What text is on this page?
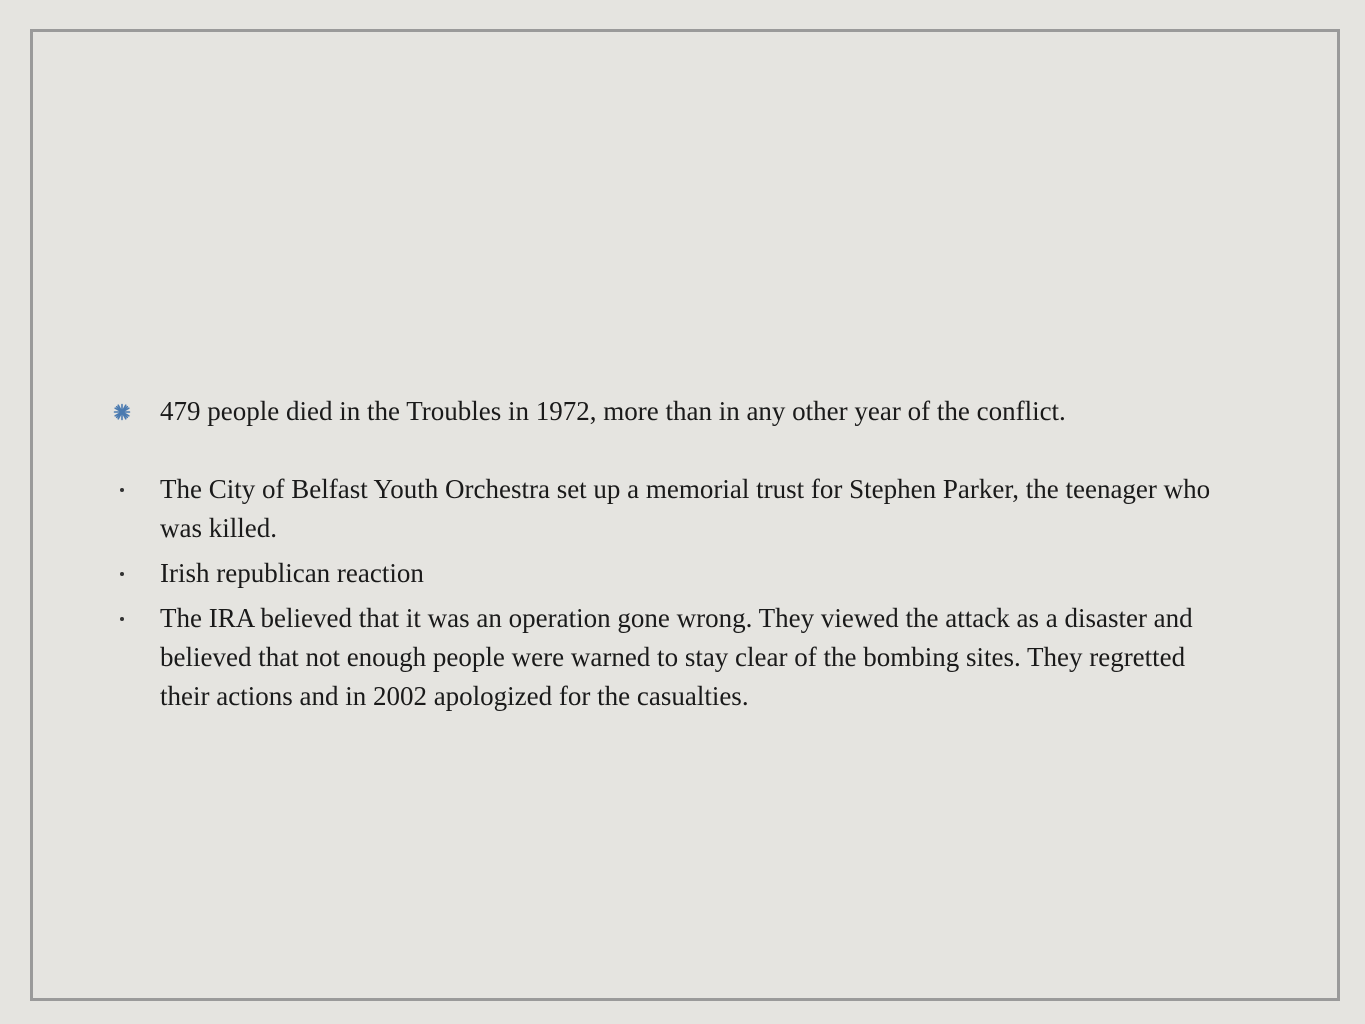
479 people died in the Troubles in 1972, more than in any other year of the conflict.

The City of Belfast Youth Orchestra set up a memorial trust for Stephen Parker, the teenager who was killed.

Irish republican reaction

The IRA believed that it was an operation gone wrong. They viewed the attack as a disaster and believed that not enough people were warned to stay clear of the bombing sites. They regretted their actions and in 2002 apologized for the casualties.
